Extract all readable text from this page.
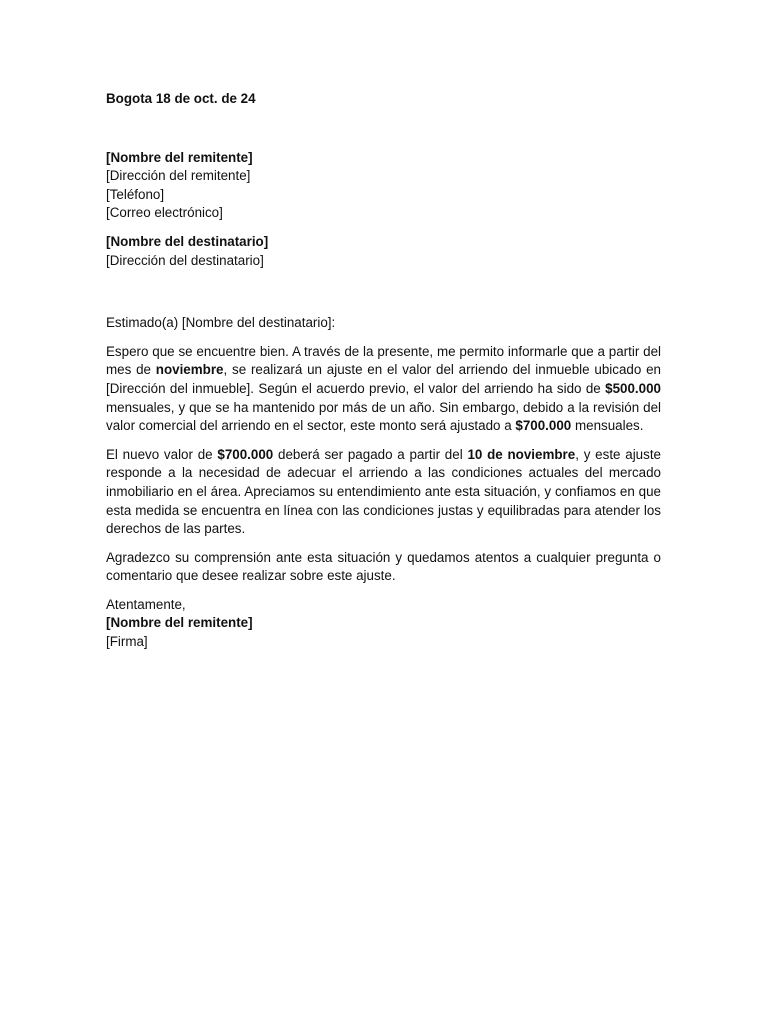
Bogota 18 de oct. de 24
[Nombre del remitente]
[Dirección del remitente]
[Teléfono]
[Correo electrónico]
[Nombre del destinatario]
[Dirección del destinatario]
Estimado(a) [Nombre del destinatario]:

Espero que se encuentre bien. A través de la presente, me permito informarle que a partir del mes de noviembre, se realizará un ajuste en el valor del arriendo del inmueble ubicado en [Dirección del inmueble]. Según el acuerdo previo, el valor del arriendo ha sido de $500.000 mensuales, y que se ha mantenido por más de un año. Sin embargo, debido a la revisión del valor comercial del arriendo en el sector, este monto será ajustado a $700.000 mensuales.

El nuevo valor de $700.000 deberá ser pagado a partir del 10 de noviembre, y este ajuste responde a la necesidad de adecuar el arriendo a las condiciones actuales del mercado inmobiliario en el área. Apreciamos su entendimiento ante esta situación, y confiamos en que esta medida se encuentra en línea con las condiciones justas y equilibradas para atender los derechos de las partes.

Agradezco su comprensión ante esta situación y quedamos atentos a cualquier pregunta o comentario que desee realizar sobre este ajuste.

Atentamente,
[Nombre del remitente]
[Firma]
